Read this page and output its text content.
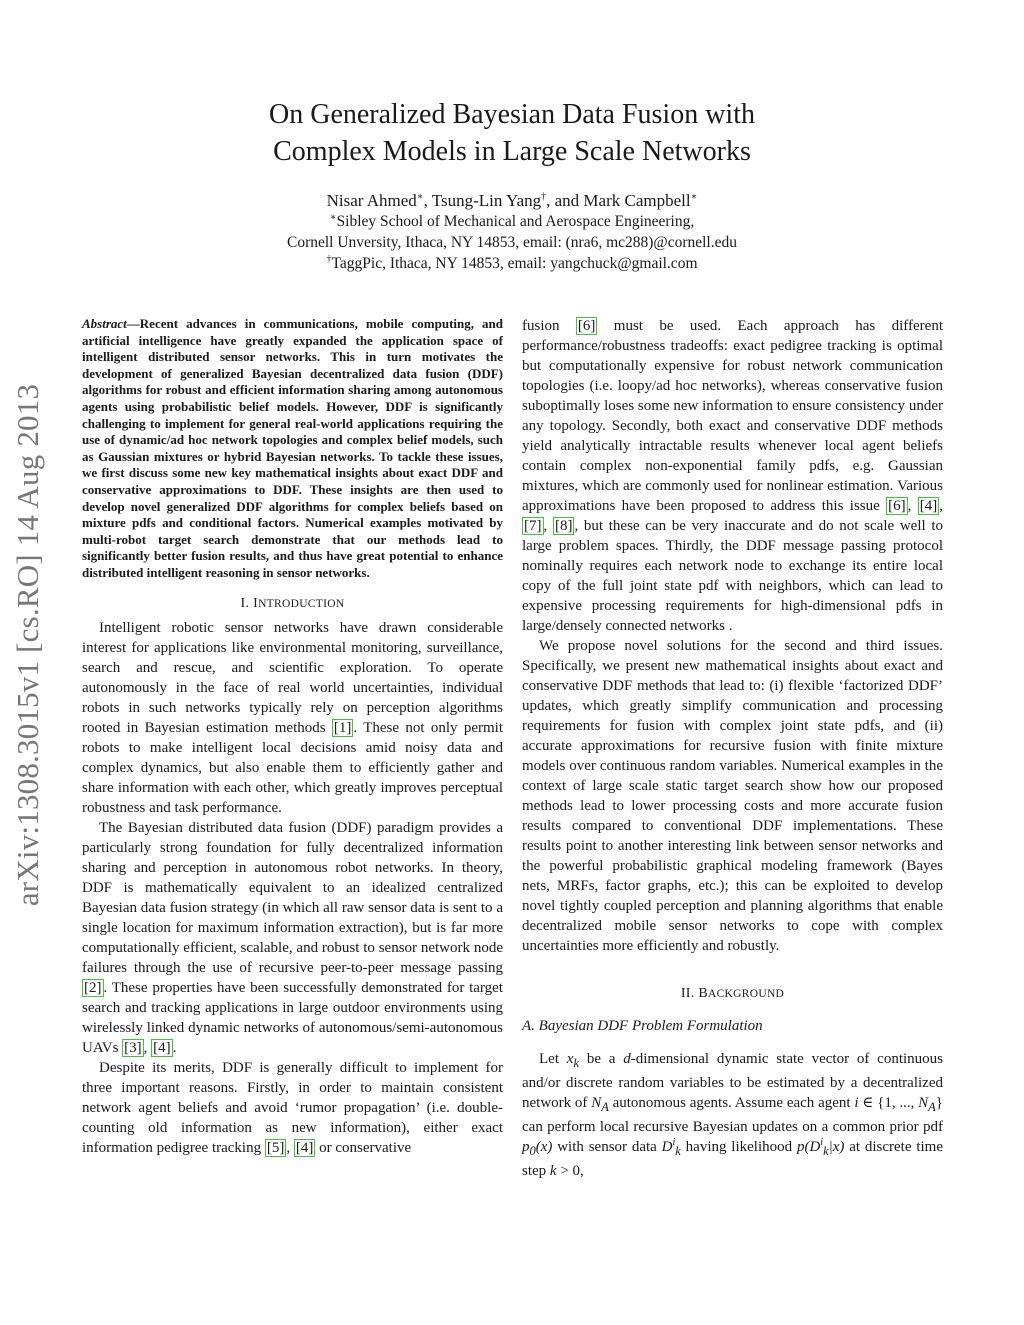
arXiv:1308.3015v1 [cs.RO] 14 Aug 2013
On Generalized Bayesian Data Fusion with
Complex Models in Large Scale Networks
Nisar Ahmed∗, Tsung-Lin Yang†, and Mark Campbell∗
∗Sibley School of Mechanical and Aerospace Engineering,
Cornell Unversity, Ithaca, NY 14853, email: (nra6, mc288)@cornell.edu
†TaggPic, Ithaca, NY 14853, email: yangchuck@gmail.com

Abstract—Recent advances in communications, mobile computing, and artificial intelligence have greatly expanded the application space of intelligent distributed sensor networks. This in turn motivates the development of generalized Bayesian decentralized data fusion (DDF) algorithms for robust and efficient information sharing among autonomous agents using probabilistic belief models. However, DDF is significantly challenging to implement for general real-world applications requiring the use of dynamic/ad hoc network topologies and complex belief models, such as Gaussian mixtures or hybrid Bayesian networks. To tackle these issues, we first discuss some new key mathematical insights about exact DDF and conservative approximations to DDF. These insights are then used to develop novel generalized DDF algorithms for complex beliefs based on mixture pdfs and conditional factors. Numerical examples motivated by multi-robot target search demonstrate that our methods lead to significantly better fusion results, and thus have great potential to enhance distributed intelligent reasoning in sensor networks.

I. INTRODUCTION

Intelligent robotic sensor networks have drawn considerable interest for applications like environmental monitoring, surveillance, search and rescue, and scientific exploration. To operate autonomously in the face of real world uncertainties, individual robots in such networks typically rely on perception algorithms rooted in Bayesian estimation methods [1] . These not only permit robots to make intelligent local decisions amid noisy data and complex dynamics, but also enable them to efficiently gather and share information with each other, which greatly improves perceptual robustness and task performance.

The Bayesian distributed data fusion (DDF) paradigm provides a particularly strong foundation for fully decentralized information sharing and perception in autonomous robot networks. In theory, DDF is mathematically equivalent to an idealized centralized Bayesian data fusion strategy (in which all raw sensor data is sent to a single location for maximum information extraction), but is far more computationally efficient, scalable, and robust to sensor network node failures through the use of recursive peer-to-peer message passing [2] . These properties have been successfully demonstrated for target search and tracking applications in large outdoor environments using wirelessly linked dynamic networks of autonomous/semi-autonomous UAVs [3] , [4] .

Despite its merits, DDF is generally difficult to implement for three important reasons. Firstly, in order to maintain consistent network agent beliefs and avoid ‘rumor propagation’ (i.e. double-counting old information as new information), either exact information pedigree tracking [5] , [4] or conservative

fusion [6] must be used. Each approach has different performance/robustness tradeoffs: exact pedigree tracking is optimal but computationally expensive for robust network communication topologies (i.e. loopy/ad hoc networks), whereas conservative fusion suboptimally loses some new information to ensure consistency under any topology. Secondly, both exact and conservative DDF methods yield analytically intractable results whenever local agent beliefs contain complex non-exponential family pdfs, e.g. Gaussian mixtures, which are commonly used for nonlinear estimation. Various approximations have been proposed to address this issue [6] , [4] , [7] , [8] , but these can be very inaccurate and do not scale well to large problem spaces. Thirdly, the DDF message passing protocol nominally requires each network node to exchange its entire local copy of the full joint state pdf with neighbors, which can lead to expensive processing requirements for high-dimensional pdfs in large/densely connected networks .

We propose novel solutions for the second and third issues. Specifically, we present new mathematical insights about exact and conservative DDF methods that lead to: (i) flexible ‘factorized DDF’ updates, which greatly simplify communication and processing requirements for fusion with complex joint state pdfs, and (ii) accurate approximations for recursive fusion with finite mixture models over continuous random variables. Numerical examples in the context of large scale static target search show how our proposed methods lead to lower processing costs and more accurate fusion results compared to conventional DDF implementations. These results point to another interesting link between sensor networks and the powerful probabilistic graphical modeling framework (Bayes nets, MRFs, factor graphs, etc.); this can be exploited to develop novel tightly coupled perception and planning algorithms that enable decentralized mobile sensor networks to cope with complex uncertainties more efficiently and robustly.

II. BACKGROUND

A. Bayesian DDF Problem Formulation

Let $x_k$ be a d-dimensional dynamic state vector of continuous and/or discrete random variables to be estimated by a decentralized network of $N_A$ autonomous agents. Assume each agent i ∈ {1, ..., $N_A$} can perform local recursive Bayesian updates on a common prior pdf $p_0(x)$ with sensor data $D^i_k$ having likelihood $p(D^i_k|x)$ at discrete time step k > 0,
